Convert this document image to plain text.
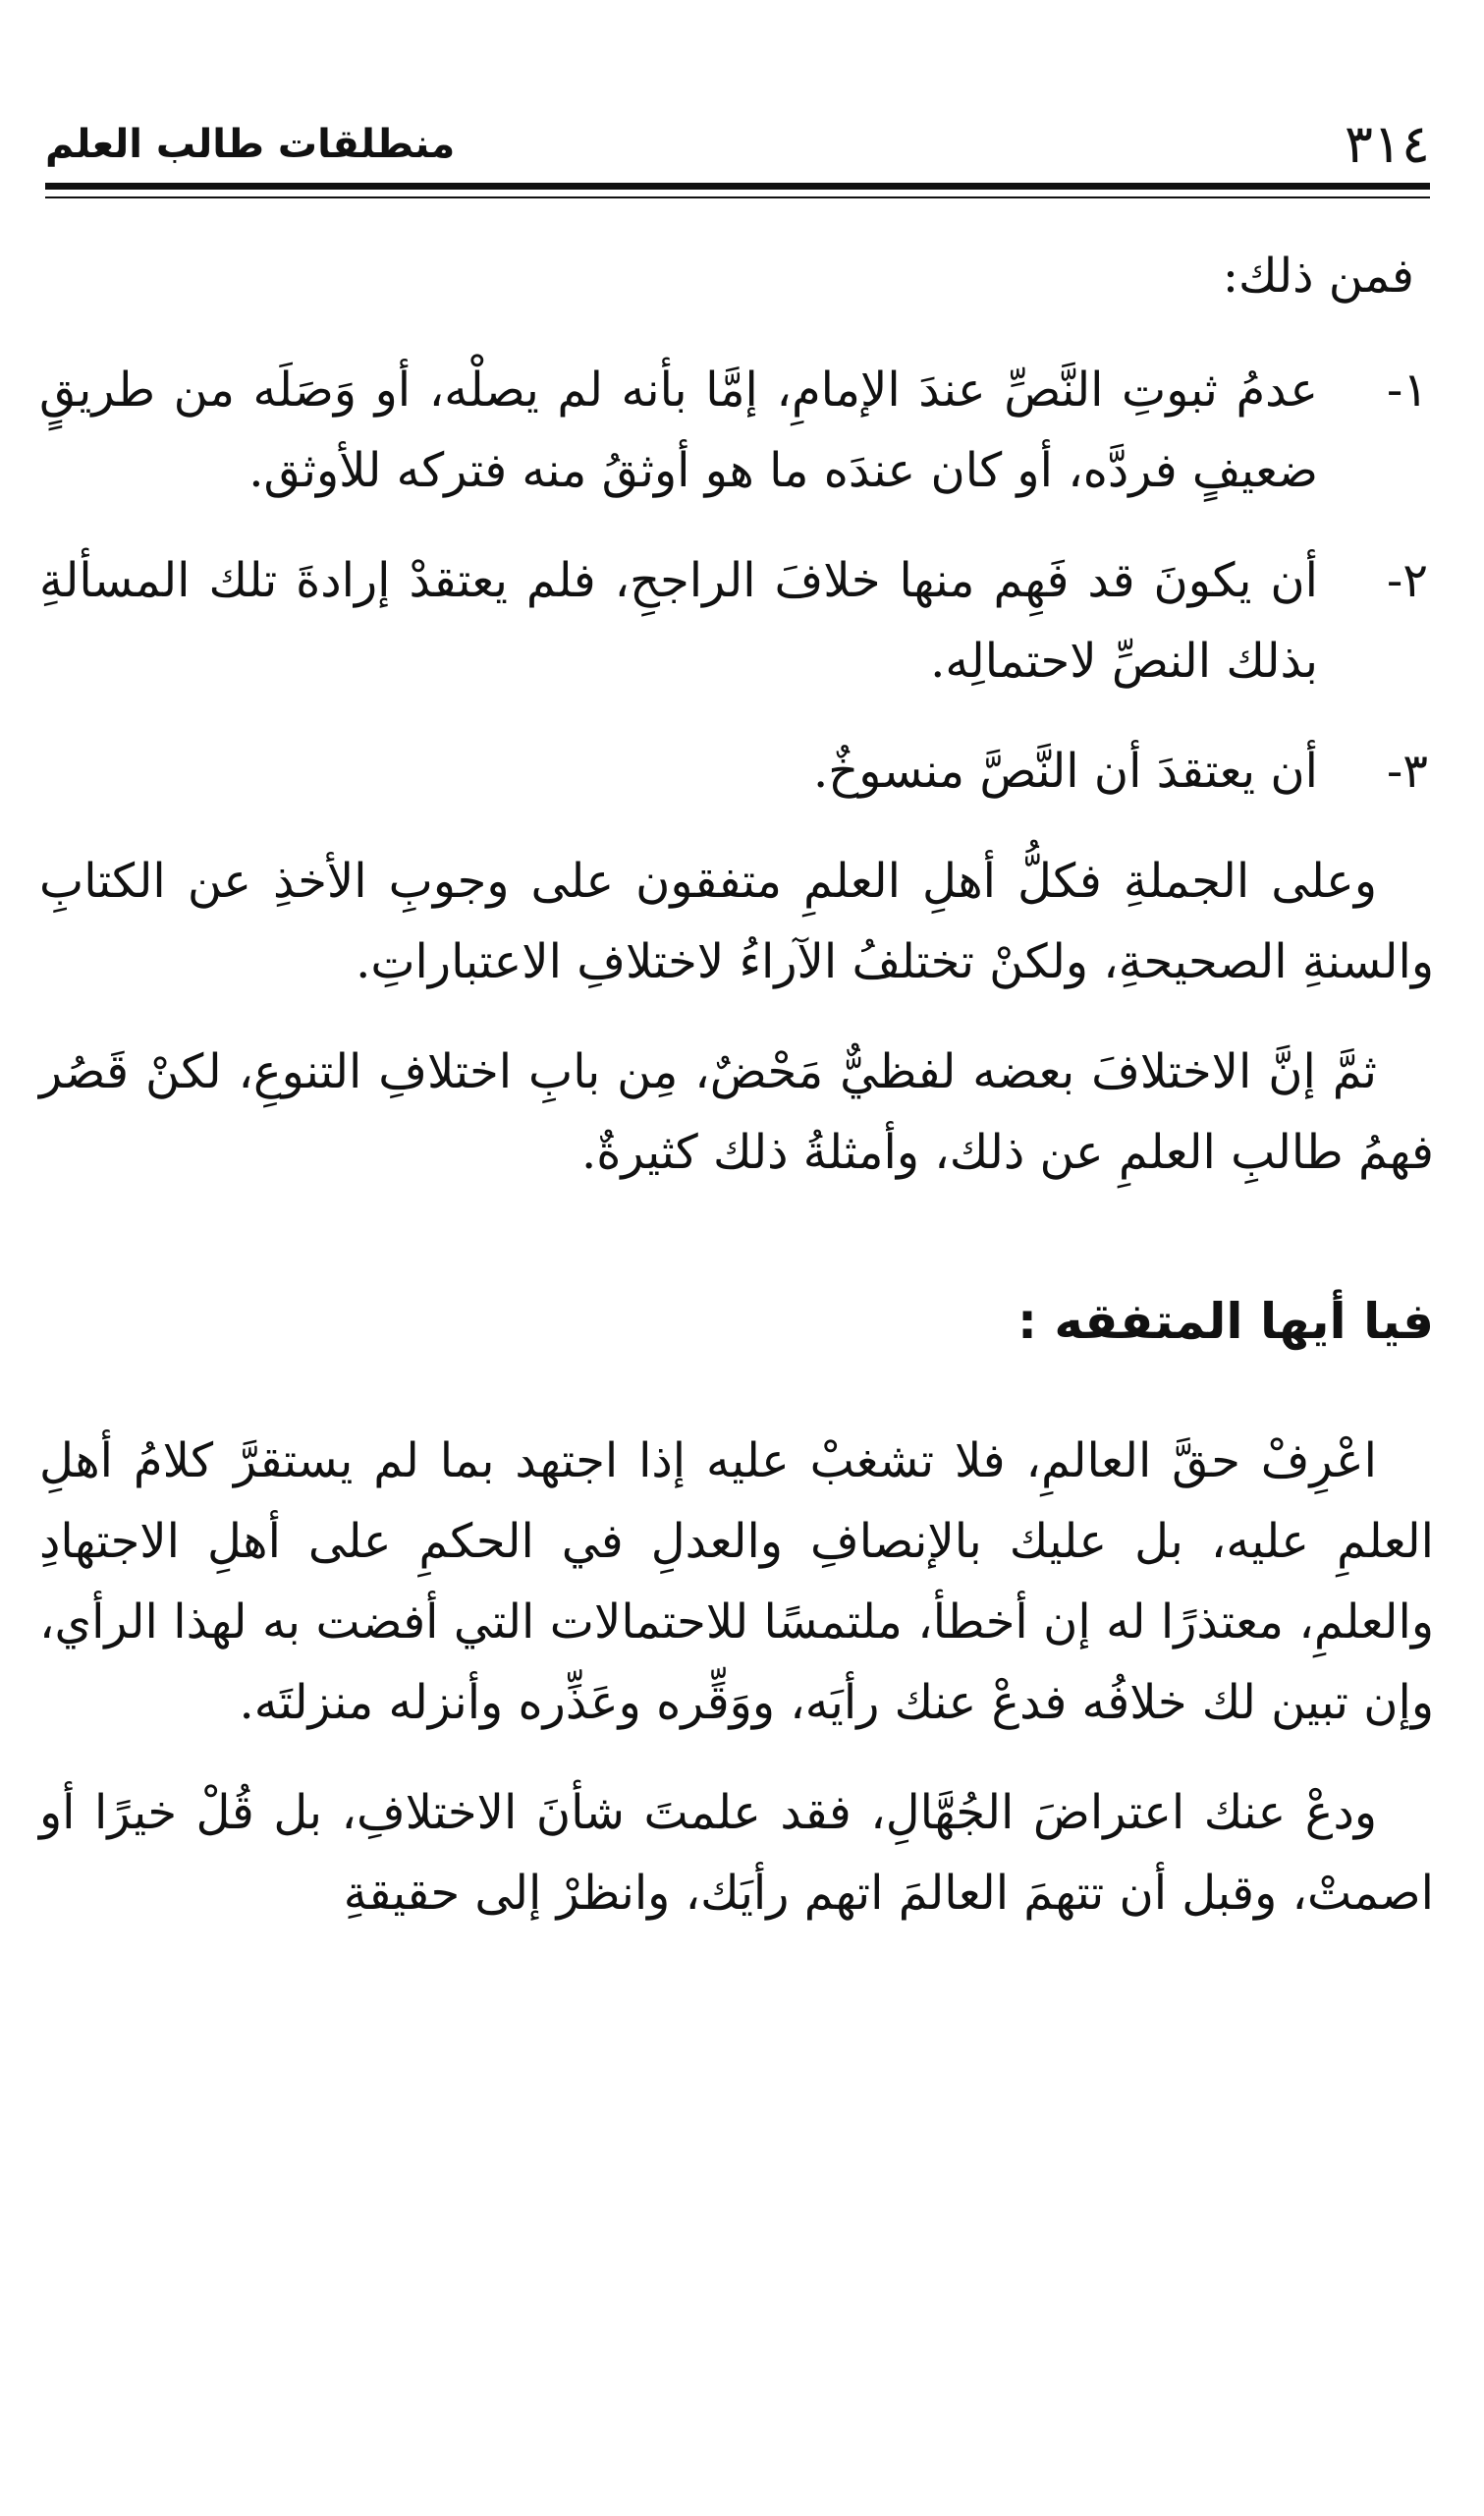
٣١٤
منطلقات طالب العلم

فمن ذلك:

١-
عدمُ ثبوتِ النَّصِّ عندَ الإمامِ، إمَّا بأنه لم يصلْه، أو وَصَلَه من طريقٍ ضعيفٍ فردَّه، أو كان عندَه ما هو أوثقُ منه فتركه للأوثق.
٢-
أن يكونَ قد فَهِم منها خلافَ الراجحِ، فلم يعتقدْ إرادةَ تلك المسألةِ بذلك النصِّ لاحتمالِه.
٣-
أن يعتقدَ أن النَّصَّ منسوخٌ.

وعلى الجملةِ فكلُّ أهلِ العلمِ متفقون على وجوبِ الأخذِ عن الكتابِ والسنةِ الصحيحةِ، ولكنْ تختلفُ الآراءُ لاختلافِ الاعتباراتِ.

ثمَّ إنَّ الاختلافَ بعضه لفظيٌّ مَحْضٌ، مِن بابِ اختلافِ التنوعِ، لكنْ قَصُر فهمُ طالبِ العلمِ عن ذلك، وأمثلةُ ذلك كثيرةٌ.

فيا أيها المتفقه :

اعْرِفْ حقَّ العالمِ، فلا تشغبْ عليه إذا اجتهد بما لم يستقرَّ كلامُ أهلِ العلمِ عليه، بل عليك بالإنصافِ والعدلِ في الحكمِ على أهلِ الاجتهادِ والعلمِ، معتذرًا له إن أخطأ، ملتمسًا للاحتمالات التي أفضت به لهذا الرأي، وإن تبين لك خلافُه فدعْ عنك رأيَه، ووَقِّره وعَذِّره وأنزله منزلتَه.

ودعْ عنك اعتراضَ الجُهَّالِ، فقد علمتَ شأنَ الاختلافِ، بل قُلْ خيرًا أو اصمتْ، وقبل أن تتهمَ العالمَ اتهم رأيَك، وانظرْ إلى حقيقةِ
